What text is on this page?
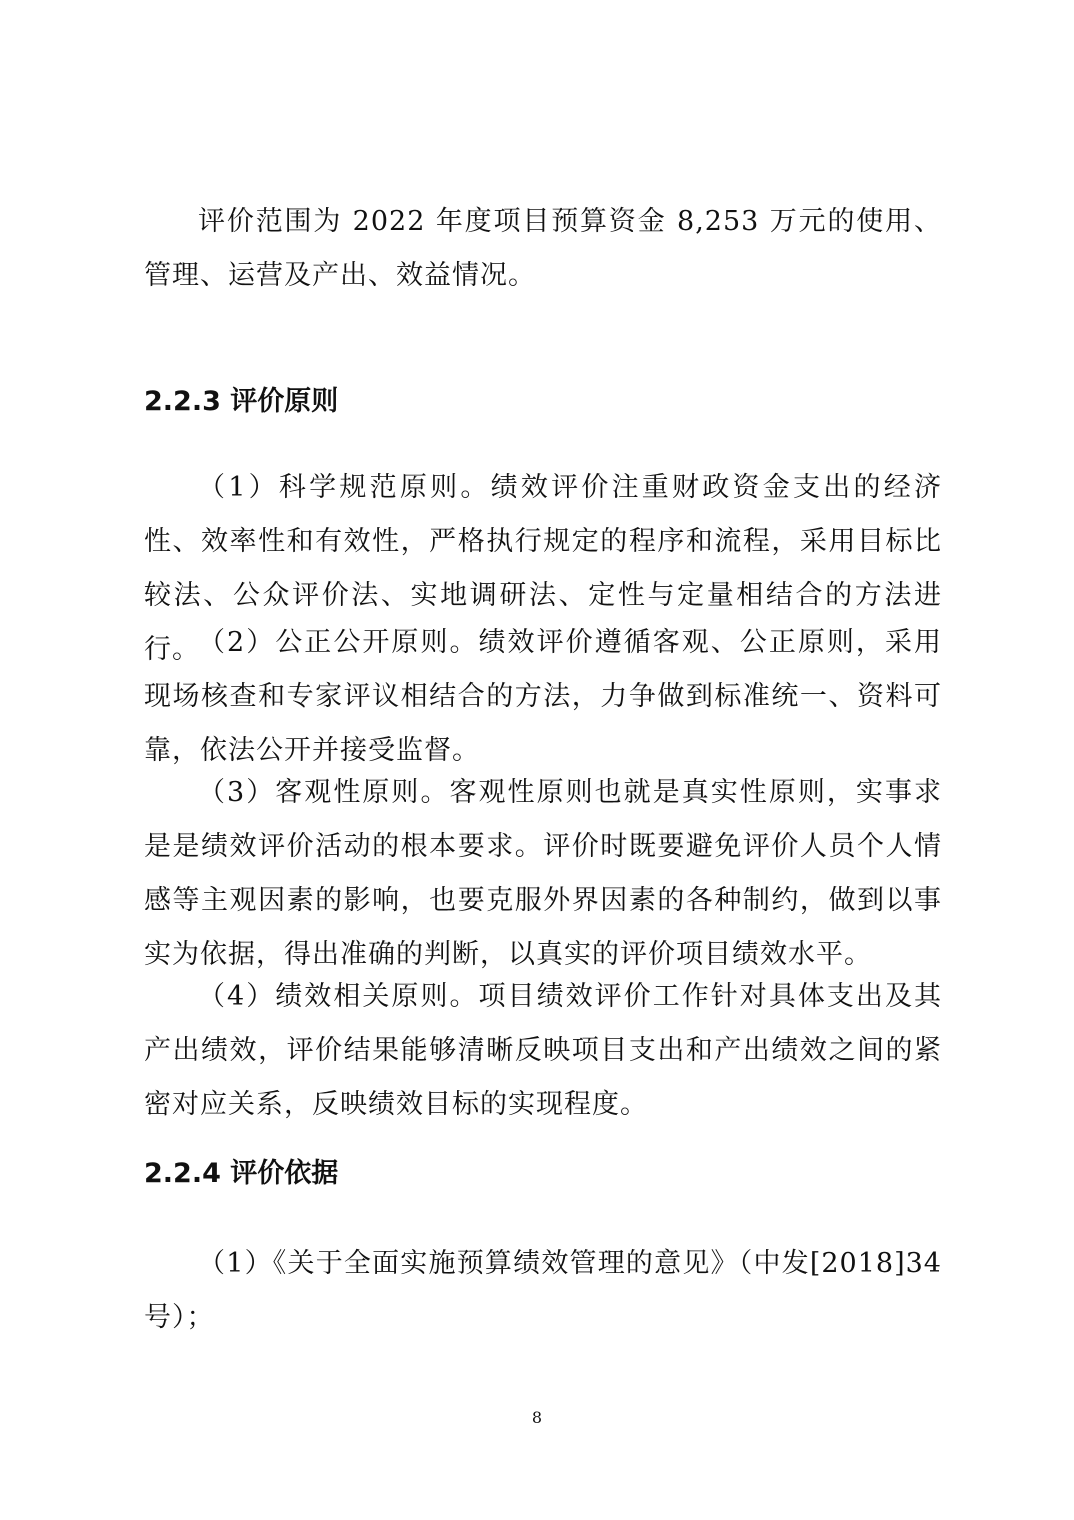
评价范围为 2022 年度项目预算资金 8,253 万元的使用、管理、运营及产出、效益情况。

2.2.3 评价原则

（1）科学规范原则。绩效评价注重财政资金支出的经济性、效率性和有效性，严格执行规定的程序和流程，采用目标比较法、公众评价法、实地调研法、定性与定量相结合的方法进行。

（2）公正公开原则。绩效评价遵循客观、公正原则，采用现场核查和专家评议相结合的方法，力争做到标准统一、资料可靠，依法公开并接受监督。

（3）客观性原则。客观性原则也就是真实性原则，实事求是是绩效评价活动的根本要求。评价时既要避免评价人员个人情感等主观因素的影响，也要克服外界因素的各种制约，做到以事实为依据，得出准确的判断，以真实的评价项目绩效水平。

（4）绩效相关原则。项目绩效评价工作针对具体支出及其产出绩效，评价结果能够清晰反映项目支出和产出绩效之间的紧密对应关系，反映绩效目标的实现程度。

2.2.4 评价依据

（1）《关于全面实施预算绩效管理的意见》（中发[2018]34号）；

8
